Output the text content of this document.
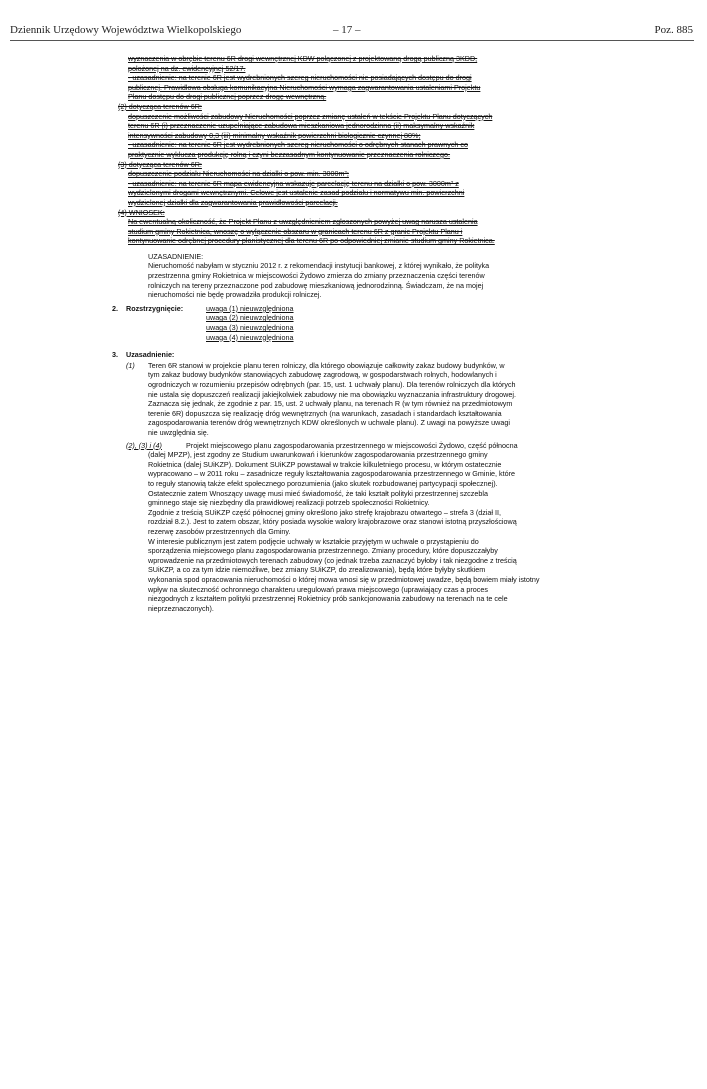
Dziennik Urzędowy Województwa Wielkopolskiego	– 17 –	Poz. 885
wyznaczenia w obrębie terenu 6R drogi wewnętrznej KDW połączonej z projektowaną drogą publiczną 3KDD,
położonej na dz. ewidencyjnej 52/17.
- uzasadnienie: na terenie 6R jest wydrebnionych szereg nieruchomości nie posiadających dostępu do drogi
publicznej. Prawidłowa obsługa komunikacyjna Nieruchomości wymaga zagwarantowania ustaleniami Projektu
Planu dostępu do drogi publicznej poprzez drogę wewnętrzną.
(2) dotycząca terenów 6R:
dopuszczenie możliwości zabudowy Nieruchomości poprzez zmianę ustaleń w tekście Projektu Planu dotyczących
terenu 6R (i) przeznaczenie uzupełniające zabudowa mieszkaniowa jednorodzinna (ii) maksymalny wskaźnik
intensywności zabudowy 0,3 (iii) minimalny wskaźnik powierzchni biologicznie czynnej 80%;
- uzasadnienie: na terenie 6R jest wydrebnionych szereg nieruchomości o odrębnych stanach prawnych co
praktycznie wyklucza produkcję rolną i czyni bezzasadnym kontynuowanie przeznaczenia rolniczego.
(3) dotycząca terenów 6R:
dopuszczenie podziału Nieruchomości na działki o pow. min. 3000m²;
- uzasadnienie: na terenie 6R mapa ewidencyjna wskazuje parcelację terenu na działki o pow. 3000m² z
wydzielonymi drogami wewnętrznymi. Celowe jest ustalenie zasad podziału i normatywu min. powierzchni
wydzielonej działki dla zagwarantowania prawidłowości parcelacji.
(4) WNIOSEK:
Na ewentualną okoliczność, że Projekt Planu z uwzględnieniem zgłoszonych powyżej uwag narusza ustalenia
studium gminy Rokietnica, wnoszę o wyłączenie obszaru w granicach terenu 6R z granic Projektu Planu i
kontynuowanie odrębnej procedury planistycznej dla terenu 6R po odpowiedniej zmianie studium gminy Rokietnica.
UZASADNIENIE:
Nieruchomość nabyłam w styczniu 2012 r. z rekomendacji instytucji bankowej, z której wynikało, że polityka
przestrzenna gminy Rokietnica w miejscowości Żydowo zmierza do zmiany przeznaczenia części terenów
rolniczych na tereny przeznaczone pod zabudowę mieszkaniową jednorodzinną. Świadczam, że na mojej
nieruchomości nie będę prowadziła produkcji rolniczej.
2. Rozstrzygnięcie:	uwaga (1) nieuwzględniona
uwaga (2) nieuwzględniona
uwaga (3) nieuwzględniona
uwaga (4) nieuwzględniona
3. Uzasadnienie:
(1) Teren 6R stanowi w projekcie planu teren rolniczy, dla którego obowiązuje całkowity zakaz budowy budynków, w
tym zakaz budowy budynków stanowiących zabudowę zagrodową, w gospodarstwach rolnych, hodowlanych i
ogrodniczych w rozumieniu przepisów odrębnych (par. 15, ust. 1 uchwały planu). Dla terenów rolniczych dla których
nie ustala się dopuszczeń realizacji jakiejkolwiek zabudowy nie ma obowiązku wyznaczania infrastruktury drogowej.
Zaznacza się jednak, że zgodnie z par. 15, ust. 2 uchwały planu, na terenach R (w tym również na przedmiotowym
terenie 6R) dopuszcza się realizację dróg wewnętrznych (na warunkach, zasadach i standardach kształtowania
zagospodarowania terenów dróg wewnętrznych KDW określonych w uchwale planu). Z uwagi na powyższe uwagi
nie uwzględnia się.
(2), (3) i (4)	Projekt miejscowego planu zagospodarowania przestrzennego w miejscowości Żydowo, część północna
(dalej MPZP), jest zgodny ze Studium uwarunkowań i kierunków zagospodarowania przestrzennego gminy
Rokietnica (dalej SUiKZP). Dokument SUiKZP powstawał w trakcie kilkuletniego procesu, w którym ostatecznie
wypracowano – w 2011 roku – zasadnicze reguły kształtowania zagospodarowania przestrzennego w Gminie, które
to reguły stanowią także efekt społecznego porozumienia (jako skutek rozbudowanej partycypacji społecznej).
Ostatecznie zatem Wnoszący uwagę musi mieć świadomość, że taki kształt polityki przestrzennej szczebla
gminnego staje się niezbędny dla prawidłowej realizacji potrzeb społeczności Rokietnicy.
Zgodnie z treścią SUiKZP część północnej gminy określono jako strefę krajobrazu otwartego – strefa 3 (dział II,
rozdział 8.2.). Jest to zatem obszar, który posiada wysokie walory krajobrazowe oraz stanowi istotną przyszłościową
rezerwę zasobów przestrzennych dla Gminy.
W interesie publicznym jest zatem podjęcie uchwały w kształcie przyjętym w uchwale o przystąpieniu do
sporządzenia miejscowego planu zagospodarowania przestrzennego. Zmiany procedury, które dopuszczałyby
wprowadzenie na przedmiotowych terenach zabudowy (co jednak trzeba zaznaczyć byłoby i tak niezgodne z treścią
SUiKZP, a co za tym idzie niemożliwe, bez zmiany SUiKZP, do zrealizowania), będą które byłyby skutkiem
wykonania spod opracowania nieruchomości o której mowa wnosi się w przedmiotowej uwadze, będą bowiem miały istotny
wpływ na skuteczność ochronnego charakteru uregulowań prawa miejscowego (uprawiający czas a proces
niezgodnych z kształtem polityki przestrzennej Rokietnicy prób sankcjonowania zabudowy na terenach na te cele
nieprzeznaczonych).
